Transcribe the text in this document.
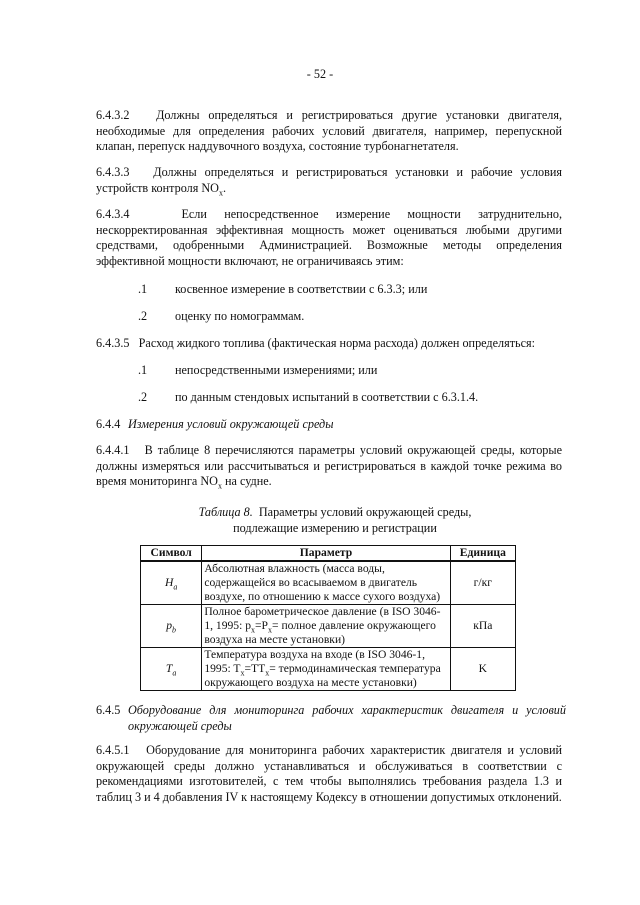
- 52 -
6.4.3.2 Должны определяться и регистрироваться другие установки двигателя, необходимые для определения рабочих условий двигателя, например, перепускной клапан, перепуск наддувочного воздуха, состояние турбонагнетателя.
6.4.3.3 Должны определяться и регистрироваться установки и рабочие условия устройств контроля $NO_x$.
6.4.3.4	Если непосредственное измерение мощности затруднительно, нескорректированная эффективная мощность может оцениваться любыми другими средствами, одобренными Администрацией. Возможные методы определения эффективной мощности включают, не ограничиваясь этим:
.1 косвенное измерение в соответствии с 6.3.3; или
.2 оценку по номограммам.
6.4.3.5 Расход жидкого топлива (фактическая норма расхода) должен определяться:
.1 непосредственными измерениями; или
.2 по данным стендовых испытаний в соответствии с 6.3.1.4.
6.4.4 Измерения условий окружающей среды
6.4.4.1 В таблице 8 перечисляются параметры условий окружающей среды, которые должны измеряться или рассчитываться и регистрироваться в каждой точке режима во время мониторинга $NO_x$ на судне.
Таблица 8. Параметры условий окружающей среды,
подлежащие измерению и регистрации
Символ	Параметр	Единица
$H_a$	Абсолютная влажность (масса воды, содержащейся во всасываемом в двигатель воздухе, по отношению к массе сухого воздуха)	г/кг
$p_b$	Полное барометрическое давление (в ISO 3046-1, 1995: $p_x=P_x=$ полное давление окружающего воздуха на месте установки)	кПа
$T_a$	Температура воздуха на входе (в ISO 3046-1, 1995: $T_x=TT_x=$ термодинамическая температура окружающего воздуха на месте установки)	K
6.4.5 Оборудование для мониторинга рабочих характеристик двигателя и условий окружающей среды
6.4.5.1 Оборудование для мониторинга рабочих характеристик двигателя и условий окружающей среды должно устанавливаться и обслуживаться в соответствии с рекомендациями изготовителей, с тем чтобы выполнялись требования раздела 1.3 и таблиц 3 и 4 добавления IV к настоящему Кодексу в отношении допустимых отклонений.
